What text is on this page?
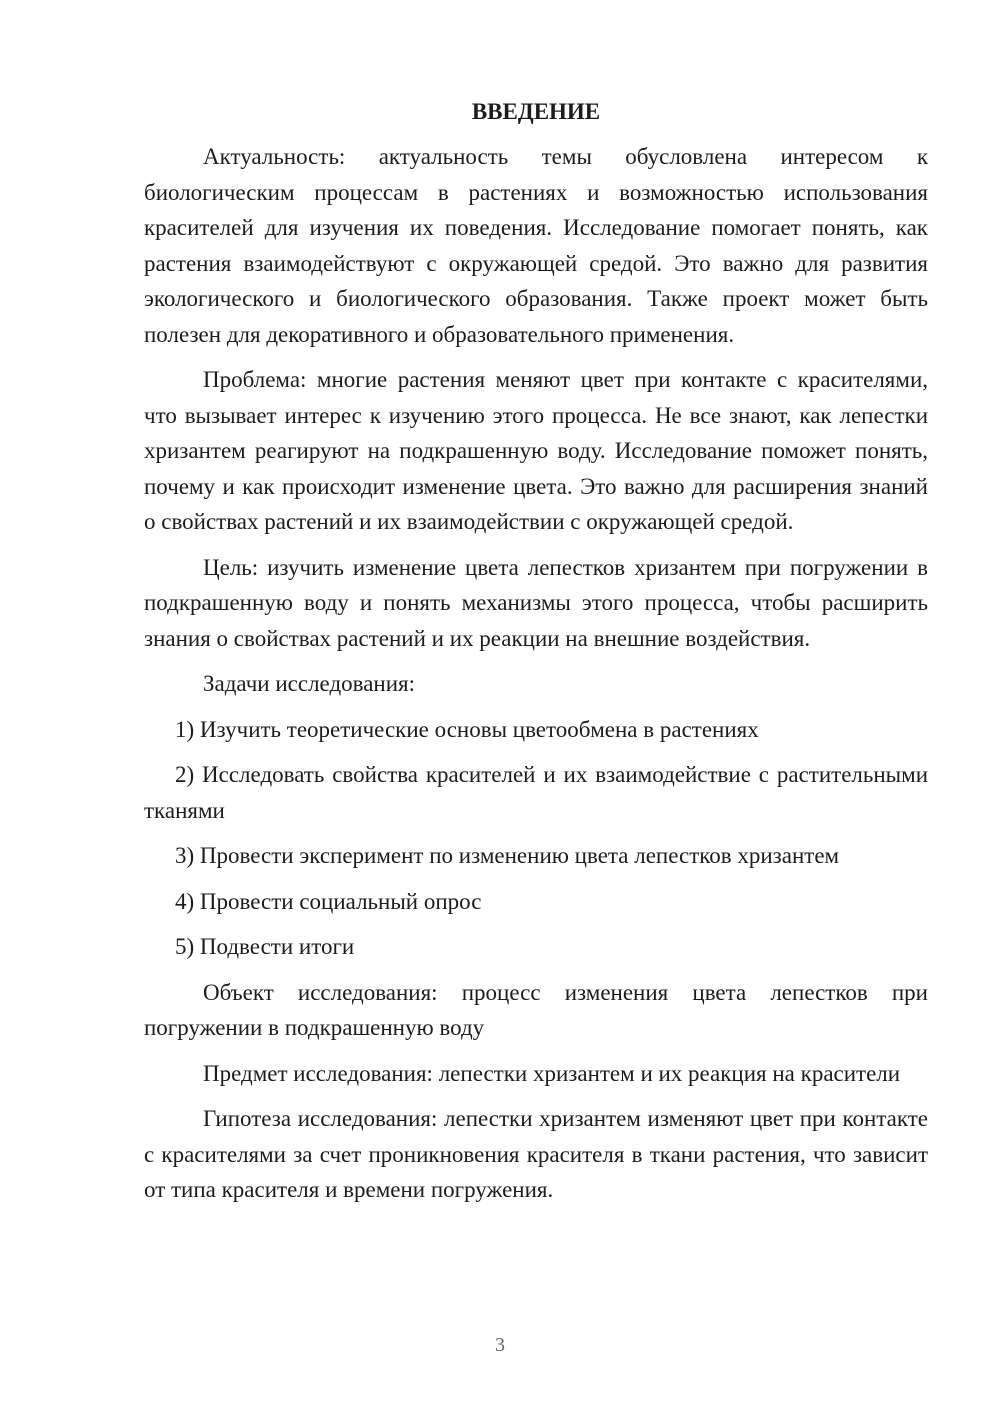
ВВЕДЕНИЕ

Актуальность: актуальность темы обусловлена интересом к биологическим процессам в растениях и возможностью использования красителей для изучения их поведения. Исследование помогает понять, как растения взаимодействуют с окружающей средой. Это важно для развития экологического и биологического образования. Также проект может быть полезен для декоративного и образовательного применения.

Проблема: многие растения меняют цвет при контакте с красителями, что вызывает интерес к изучению этого процесса. Не все знают, как лепестки хризантем реагируют на подкрашенную воду. Исследование поможет понять, почему и как происходит изменение цвета. Это важно для расширения знаний о свойствах растений и их взаимодействии с окружающей средой.

Цель: изучить изменение цвета лепестков хризантем при погружении в подкрашенную воду и понять механизмы этого процесса, чтобы расширить знания о свойствах растений и их реакции на внешние воздействия.

Задачи исследования:

1) Изучить теоретические основы цветообмена в растениях

2) Исследовать свойства красителей и их взаимодействие с растительными тканями

3) Провести эксперимент по изменению цвета лепестков хризантем

4) Провести социальный опрос

5) Подвести итоги

Объект исследования: процесс изменения цвета лепестков при погружении в подкрашенную воду

Предмет исследования: лепестки хризантем и их реакция на красители

Гипотеза исследования: лепестки хризантем изменяют цвет при контакте с красителями за счет проникновения красителя в ткани растения, что зависит от типа красителя и времени погружения.

3
